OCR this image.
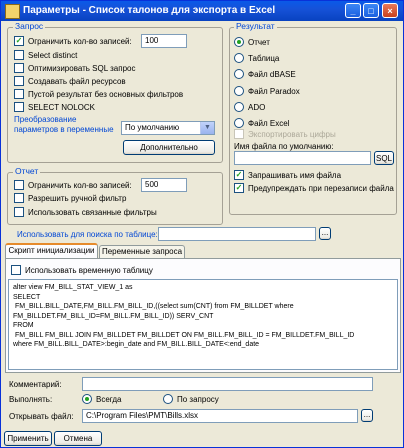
Параметры - Список талонов для экспорта в Excel	_	□	×
Запрос
✓ Ограничить кол-во записей:	100
Select distinct
Оптимизировать SQL запрос
Создавать файл ресурсов
Пустой результат без основных фильтров
SELECT NOLOCK
Преобразование
параметров в переменные	По умолчанию	▼
Дополнительно
Отчет
Ограничить кол-во записей:	500
Разрешить ручной фильтр
Использовать связанные фильтры
Результат
Отчет
Таблица
Файл dBASE
Файл Paradox
ADO
Файл Excel
Экспортировать цифры
Имя файла по умолчанию:
SQL
✓ Запрашивать имя файла
✓ Предупреждать при перезаписи файла
Использовать для поиска по таблице:	...
Скрипт инициализации Переменные запроса
Использовать временную таблицу
alter view FM_BILL_STAT_VIEW_1 as
SELECT
FM_BILL.BILL_DATE,FM_BILL.FM_BILL_ID,((select sum(CNT) from FM_BILLDET where
FM_BILLDET.FM_BILL_ID=FM_BILL.FM_BILL_ID)) SERV_CNT
FROM
FM_BILL FM_BILL JOIN FM_BILLDET FM_BILLDET ON FM_BILL.FM_BILL_ID = FM_BILLDET.FM_BILL_ID
where FM_BILL.BILL_DATE>:begin_date and FM_BILL.BILL_DATE<:end_date
Комментарий:
Выполнять:	Всегда	По запросу
Открывать файл:	C:\Program Files\PMT\Bills.xlsx	...
Применить	Отмена
